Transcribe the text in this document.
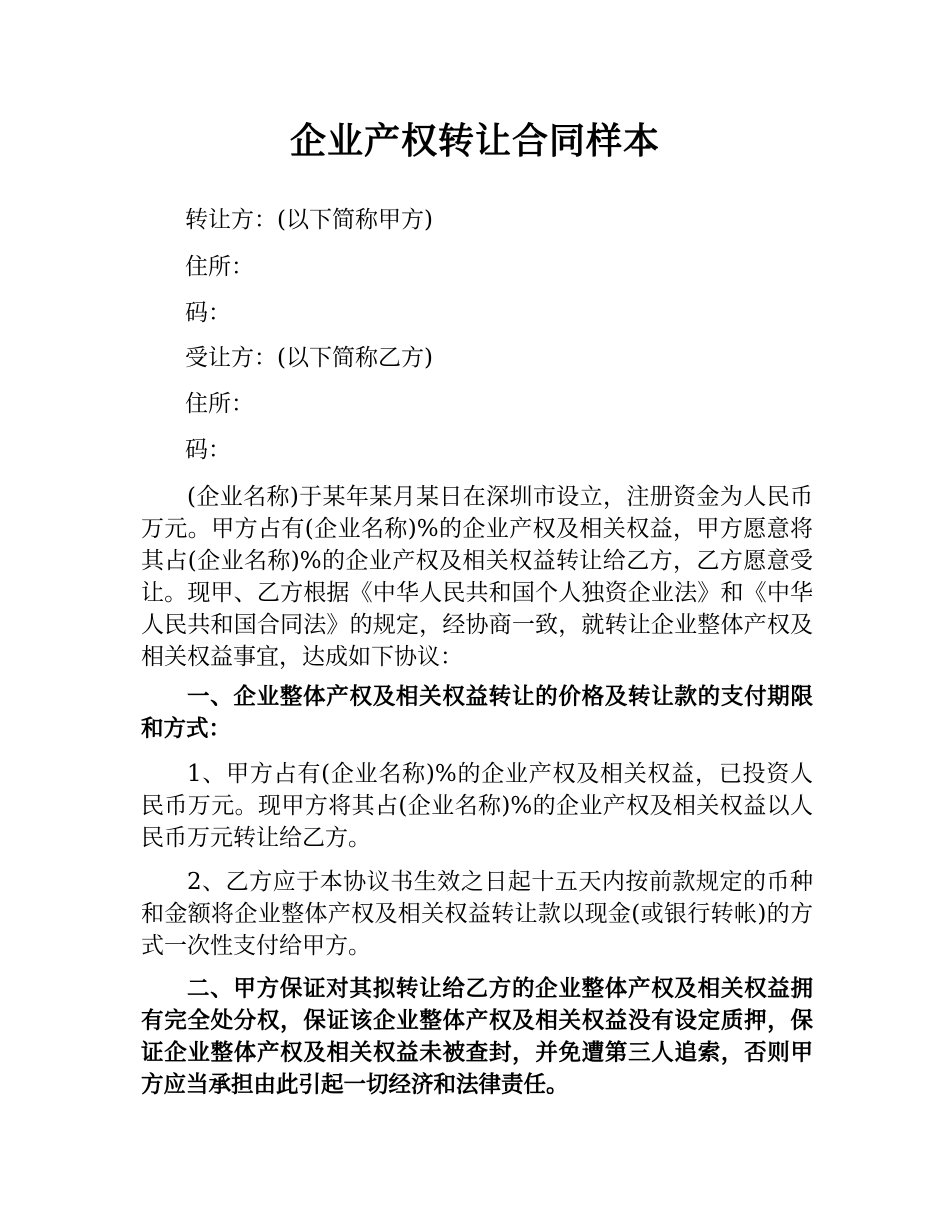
企业产权转让合同样本

转让方：(以下简称甲方)

住所：

码：

受让方：(以下简称乙方)

住所：

码：

(企业名称)于某年某月某日在深圳市设立，注册资金为人民币万元。甲方占有(企业名称)%的企业产权及相关权益，甲方愿意将其占(企业名称)%的企业产权及相关权益转让给乙方，乙方愿意受让。现甲、乙方根据《中华人民共和国个人独资企业法》和《中华人民共和国合同法》的规定，经协商一致，就转让企业整体产权及相关权益事宜，达成如下协议：

一、企业整体产权及相关权益转让的价格及转让款的支付期限和方式：

1、甲方占有(企业名称)%的企业产权及相关权益，已投资人民币万元。现甲方将其占(企业名称)%的企业产权及相关权益以人民币万元转让给乙方。

2、乙方应于本协议书生效之日起十五天内按前款规定的币种和金额将企业整体产权及相关权益转让款以现金(或银行转帐)的方式一次性支付给甲方。

二、甲方保证对其拟转让给乙方的企业整体产权及相关权益拥有完全处分权，保证该企业整体产权及相关权益没有设定质押，保证企业整体产权及相关权益未被查封，并免遭第三人追索，否则甲方应当承担由此引起一切经济和法律责任。
